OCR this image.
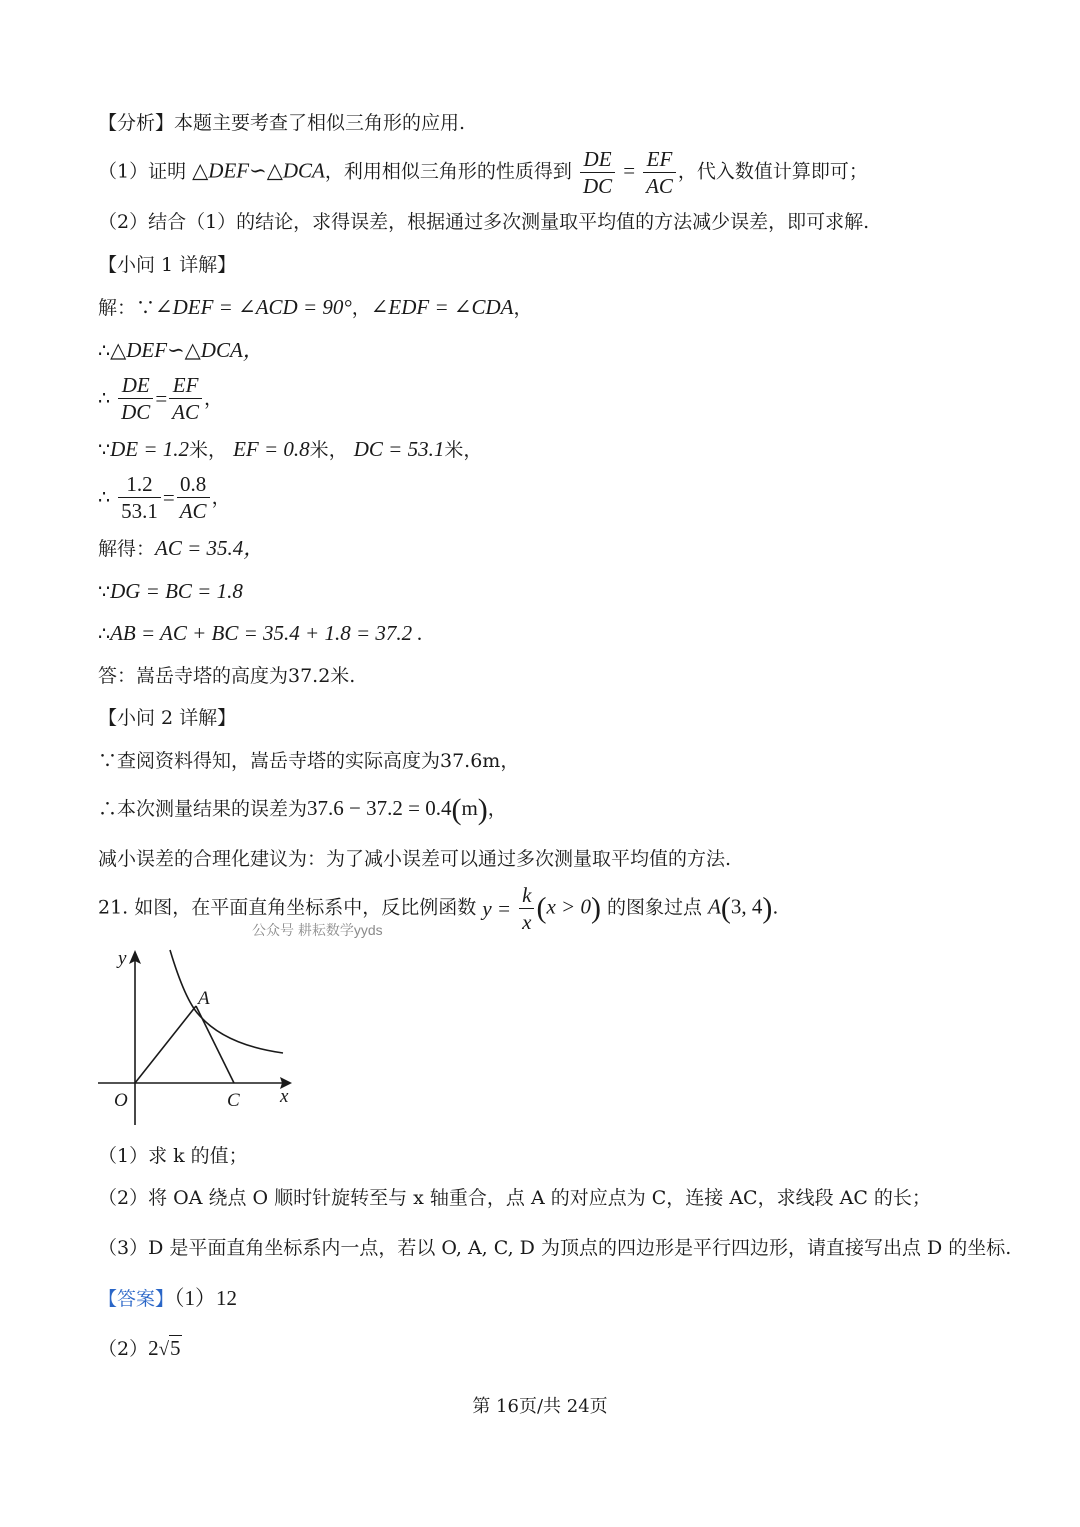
【分析】本题主要考查了相似三角形的应用.
（1）证明 △DEF∽△DCA，利用相似三角形的性质得到 $\frac{DE}{DC} = \frac{EF}{AC}$ ，代入数值计算即可；
（2）结合（1）的结论，求得误差，根据通过多次测量取平均值的方法减少误差，即可求解.
【小问 1 详解】
解：∵∠DEF = ∠ACD = 90°，∠EDF = ∠CDA，
∴△DEF∽△DCA，
∴ $\frac{DE}{DC} = \frac{EF}{AC}$ ，
∵DE = 1.2米， EF = 0.8米， DC = 53.1米，
∴ $\frac{1.2}{53.1} = \frac{0.8}{AC}$ ，
解得：AC = 35.4，
∵DG = BC = 1.8
∴AB = AC + BC = 35.4 + 1.8 = 37.2 .
答：嵩岳寺塔的高度为37.2米.
【小问 2 详解】
∵查阅资料得知，嵩岳寺塔的实际高度为37.6m，
∴本次测量结果的误差为37.6 − 37.2 = 0.4(m)，
减小误差的合理化建议为：为了减小误差可以通过多次测量取平均值的方法.
21. 如图，在平面直角坐标系中，反比例函数 $y = \frac{k}{x} (x > 0)$ 的图象过点 A(3, 4).
公众号 耕耘数学yyds
y
x
O
A
C
（1）求 k 的值；
（2）将 OA 绕点 O 顺时针旋转至与 x 轴重合，点 A 的对应点为 C，连接 AC，求线段 AC 的长；
（3）D 是平面直角坐标系内一点，若以 O, A, C, D 为顶点的四边形是平行四边形，请直接写出点 D 的坐标.
【答案】（1）12
（2）2√5
第 16页/共 24页
